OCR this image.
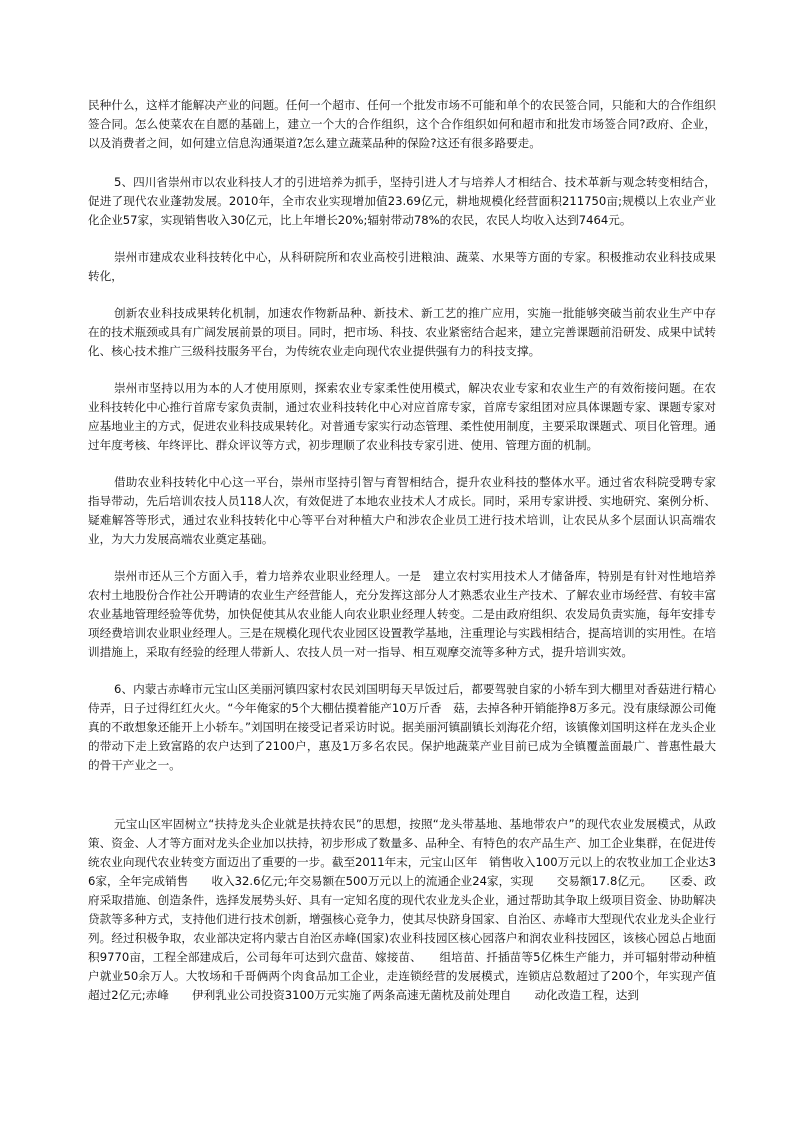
民种什么，这样才能解决产业的问题。任何一个超市、任何一个批发市场不可能和单个的农民签合同，只能和大的合作组织签合同。怎么使菜农在自愿的基础上，建立一个大的合作组织，这个合作组织如何和超市和批发市场签合同?政府、企业，以及消费者之间，如何建立信息沟通渠道?怎么建立蔬菜品种的保险?这还有很多路要走。

5、四川省崇州市以农业科技人才的引进培养为抓手，坚持引进人才与培养人才相结合、技术革新与观念转变相结合，促进了现代农业蓬勃发展。2010年，全市农业实现增加值23.69亿元，耕地规模化经营面积211750亩;规模以上农业产业化企业57家，实现销售收入30亿元，比上年增长20%;辐射带动78%的农民，农民人均收入达到7464元。

崇州市建成农业科技转化中心，从科研院所和农业高校引进粮油、蔬菜、水果等方面的专家。积极推动农业科技成果转化，

创新农业科技成果转化机制，加速农作物新品种、新技术、新工艺的推广应用，实施一批能够突破当前农业生产中存在的技术瓶颈或具有广阔发展前景的项目。同时，把市场、科技、农业紧密结合起来，建立完善课题前沿研发、成果中试转化、核心技术推广三级科技服务平台，为传统农业走向现代农业提供强有力的科技支撑。

崇州市坚持以用为本的人才使用原则，探索农业专家柔性使用模式，解决农业专家和农业生产的有效衔接问题。在农业科技转化中心推行首席专家负责制，通过农业科技转化中心对应首席专家，首席专家组团对应具体课题专家、课题专家对应基地业主的方式，促进农业科技成果转化。对普通专家实行动态管理、柔性使用制度，主要采取课题式、项目化管理。通过年度考核、年终评比、群众评议等方式，初步理顺了农业科技专家引进、使用、管理方面的机制。

借助农业科技转化中心这一平台，崇州市坚持引智与育智相结合，提升农业科技的整体水平。通过省农科院受聘专家指导带动，先后培训农技人员118人次，有效促进了本地农业技术人才成长。同时，采用专家讲授、实地研究、案例分析、疑难解答等形式，通过农业科技转化中心等平台对种植大户和涉农企业员工进行技术培训，让农民从多个层面认识高端农业，为大力发展高端农业奠定基础。

崇州市还从三个方面入手，着力培养农业职业经理人。一是　建立农村实用技术人才储备库，特别是有针对性地培养农村土地股份合作社公开聘请的农业生产经营能人，充分发挥这部分人才熟悉农业生产技术、了解农业市场经营、有较丰富农业基地管理经验等优势，加快促使其从农业能人向农业职业经理人转变。二是由政府组织、农发局负责实施，每年安排专项经费培训农业职业经理人。三是在规模化现代农业园区设置教学基地，注重理论与实践相结合，提高培训的实用性。在培训措施上，采取有经验的经理人带新人、农技人员一对一指导、相互观摩交流等多种方式，提升培训实效。

6、内蒙古赤峰市元宝山区美丽河镇四家村农民刘国明每天早饭过后，都要驾驶自家的小轿车到大棚里对香菇进行精心侍弄，日子过得红红火火。“今年俺家的5个大棚估摸着能产10万斤香　菇，去掉各种开销能挣8万多元。没有康绿源公司俺真的不敢想象还能开上小轿车。”刘国明在接受记者采访时说。据美丽河镇副镇长刘海花介绍，该镇像刘国明这样在龙头企业的带动下走上致富路的农户达到了2100户，惠及1万多名农民。保护地蔬菜产业目前已成为全镇覆盖面最广、普惠性最大的骨干产业之一。

元宝山区牢固树立“扶持龙头企业就是扶持农民”的思想，按照“龙头带基地、基地带农户”的现代农业发展模式，从政策、资金、人才等方面对龙头企业加以扶持，初步形成了数量多、品种全、有特色的农产品生产、加工企业集群，在促进传统农业向现代农业转变方面迈出了重要的一步。截至2011年末，元宝山区年　销售收入100万元以上的农牧业加工企业达36家，全年完成销售　　收入32.6亿元;年交易额在500万元以上的流通企业24家，实现　　交易额17.8亿元。　　区委、政府采取措施、创造条件，选择发展势头好、具有一定知名度的现代农业龙头企业，通过帮助其争取上级项目资金、协助解决贷款等多种方式，支持他们进行技术创新，增强核心竞争力，使其尽快跻身国家、自治区、赤峰市大型现代农业龙头企业行列。经过积极争取，农业部决定将内蒙古自治区赤峰(国家)农业科技园区核心园落户和润农业科技园区，该核心园总占地面积9770亩，工程全部建成后，公司每年可达到穴盘苗、嫁接苗、　　组培苗、扦插苗等5亿株生产能力，并可辐射带动种植户就业50余万人。大牧场和千哥俩两个肉食品加工企业，走连锁经营的发展模式，连锁店总数超过了200个，年实现产值超过2亿元;赤峰　　伊利乳业公司投资3100万元实施了两条高速无菌枕及前处理自　　动化改造工程，达到
